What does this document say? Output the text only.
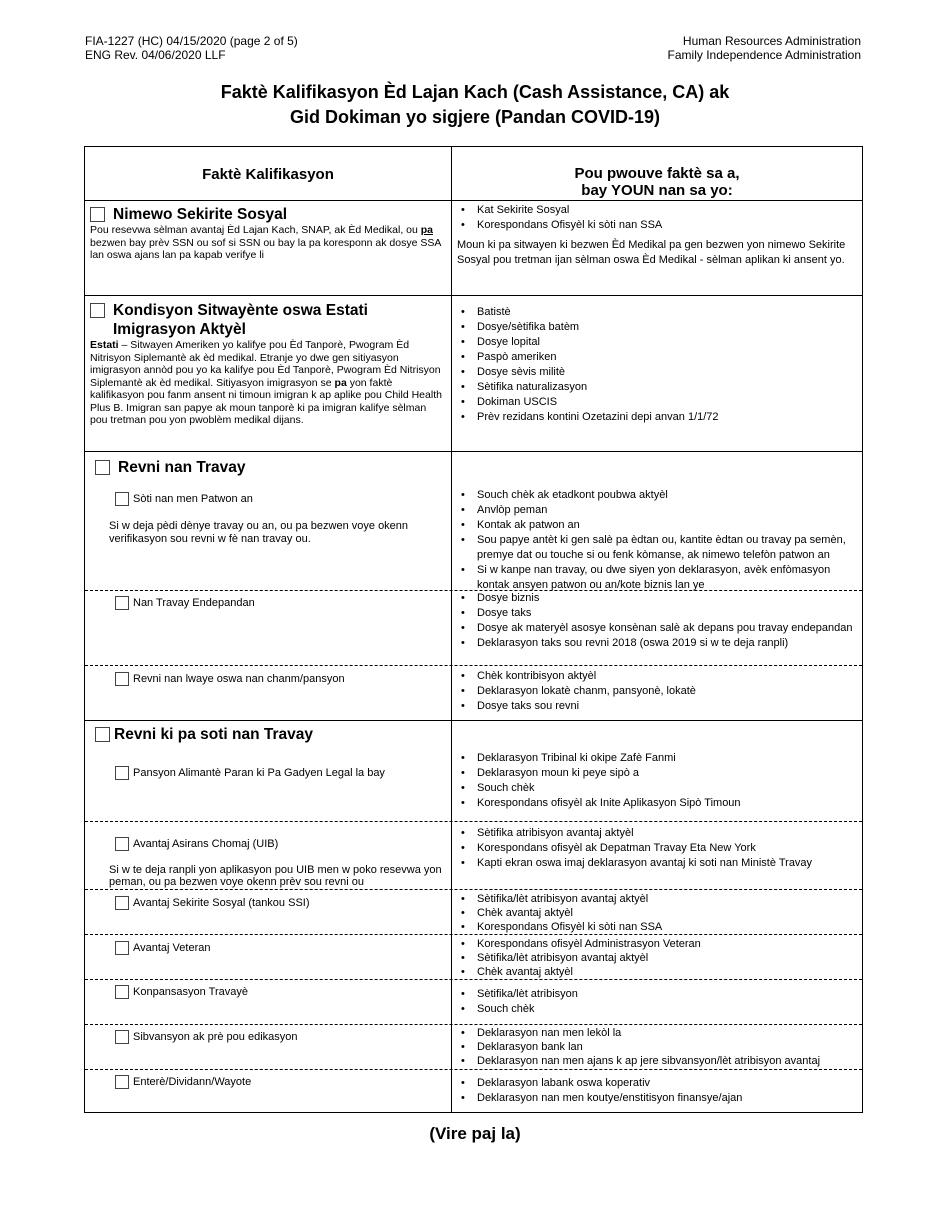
FIA-1227 (HC) 04/15/2020 (page 2 of 5)
ENG Rev. 04/06/2020 LLF
Human Resources Administration
Family Independence Administration
Faktè Kalifikasyon Èd Lajan Kach (Cash Assistance, CA) ak
Gid Dokiman yo sigjere (Pandan COVID-19)
Faktè Kalifikasyon	Pou pwouve faktè sa a,
bay YOUN nan sa yo:
Nimewo Sekirite Sosyal
Pou resevwa sèlman avantaj Èd Lajan Kach, SNAP, ak Èd Medikal, ou pa bezwen bay prèv SSN ou sof si SSN ou bay la pa koresponn ak dosye SSA lan oswa ajans lan pa kapab verifye li
• Kat Sekirite Sosyal
• Korespondans Ofisyèl ki sòti nan SSA
Moun ki pa sitwayen ki bezwen Èd Medikal pa gen bezwen yon nimewo Sekirite Sosyal pou tretman ijan sèlman oswa Èd Medikal - sèlman aplikan ki ansent yo.
Kondisyon Sitwayènte oswa Estati
Imigrasyon Aktyèl
Estati – Sitwayen Ameriken yo kalifye pou Èd Tanporè, Pwogram Èd Nitrisyon Siplemantè ak èd medikal. Etranje yo dwe gen sitiyasyon imigrasyon annòd pou yo ka kalifye pou Èd Tanporè, Pwogram Èd Nitrisyon Siplemantè ak èd medikal. Sitiyasyon imigrasyon se pa yon faktè kalifikasyon pou fanm ansent ni timoun imigran k ap aplike pou Child Health Plus B. Imigran san papye ak moun tanporè ki pa imigran kalifye sèlman pou tretman pou yon pwoblèm medikal dijans.
• Batistè
• Dosye/sètifika batèm
• Dosye lopital
• Paspò ameriken
• Dosye sèvis militè
• Sètifika naturalizasyon
• Dokiman USCIS
• Prèv rezidans kontini Ozetazini depi anvan 1/1/72
Revni nan Travay
Sòti nan men Patwon an
Si w deja pèdi dènye travay ou an, ou pa bezwen voye okenn verifikasyon sou revni w fè nan travay ou.
• Souch chèk ak etadkont poubwa aktyèl
• Anvlòp peman
• Kontak ak patwon an
• Sou papye antèt ki gen salè pa èdtan ou, kantite èdtan ou travay pa semèn, premye dat ou touche si ou fenk kòmanse, ak nimewo telefòn patwon an
• Si w kanpe nan travay, ou dwe siyen yon deklarasyon, avèk enfòmasyon kontak ansyen patwon ou an/kote biznis lan ye
Nan Travay Endepandan	• Dosye biznis
• Dosye taks
• Dosye ak materyèl asosye konsènan salè ak depans pou travay endepandan
• Deklarasyon taks sou revni 2018 (oswa 2019 si w te deja ranpli)
Revni nan lwaye oswa nan chanm/pansyon	• Chèk kontribisyon aktyèl
• Deklarasyon lokatè chanm, pansyonè, lokatè
• Dosye taks sou revni
Revni ki pa soti nan Travay
Pansyon Alimantè Paran ki Pa Gadyen Legal la bay
• Deklarasyon Tribinal ki okipe Zafè Fanmi
• Deklarasyon moun ki peye sipò a
• Souch chèk
• Korespondans ofisyèl ak Inite Aplikasyon Sipò Timoun
Avantaj Asirans Chomaj (UIB)
Si w te deja ranpli yon aplikasyon pou UIB men w poko resevwa yon peman, ou pa bezwen voye okenn prèv sou revni ou
• Sètifika atribisyon avantaj aktyèl
• Korespondans ofisyèl ak Depatman Travay Eta New York
• Kapti ekran oswa imaj deklarasyon avantaj ki soti nan Ministè Travay
Avantaj Sekirite Sosyal (tankou SSI)	• Sètifika/lèt atribisyon avantaj aktyèl
• Chèk avantaj aktyèl
• Korespondans Ofisyèl ki sòti nan SSA
Avantaj Veteran	• Korespondans ofisyèl Administrasyon Veteran
• Sètifika/lèt atribisyon avantaj aktyèl
• Chèk avantaj aktyèl
Konpansasyon Travayè	• Sètifika/lèt atribisyon
• Souch chèk
Sibvansyon ak prè pou edikasyon	• Deklarasyon nan men lekòl la
• Deklarasyon bank lan
• Deklarasyon nan men ajans k ap jere sibvansyon/lèt atribisyon avantaj
Enterè/Dividann/Wayote	• Deklarasyon labank oswa koperativ
• Deklarasyon nan men koutye/enstitisyon finansye/ajan
(Vire paj la)
